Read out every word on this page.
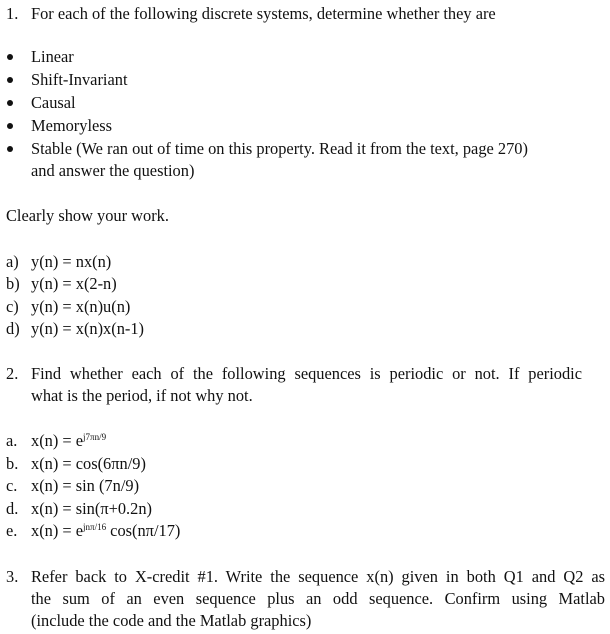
1. For each of the following discrete systems, determine whether they are
Linear
Shift-Invariant
Causal
Memoryless
Stable (We ran out of time on this property. Read it from the text, page 270)
and answer the question)
Clearly show your work.
a) y(n) = nx(n)
b) y(n) = x(2-n)
c) y(n) = x(n)u(n)
d) y(n) = x(n)x(n-1)
2. Find whether each of the following sequences is periodic or not. If periodic
what is the period, if not why not.
a. $x(n) = e^{j7\pi n/9}$
b. x(n) = cos(6πn/9)
c. x(n) = sin (7n/9)
d. x(n) = sin(π+0.2n)
e. $x(n) = e^{jn\pi/16}$ cos(nπ/17)
3. Refer back to X-credit #1. Write the sequence x(n) given in both Q1 and Q2 as
the sum of an even sequence plus an odd sequence. Confirm using Matlab
(include the code and the Matlab graphics)
